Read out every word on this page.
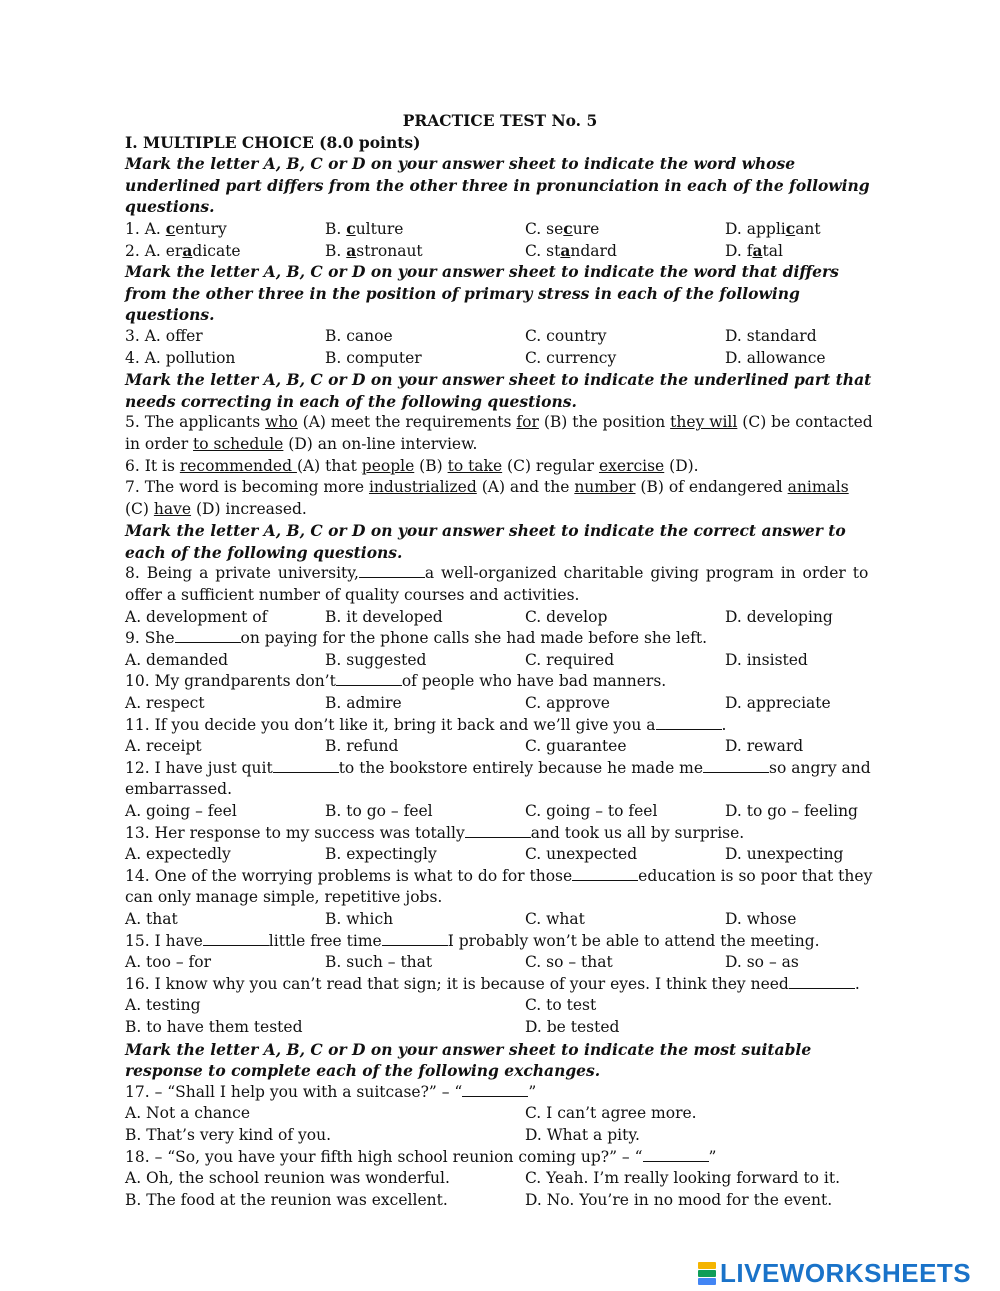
PRACTICE TEST No. 5
I. MULTIPLE CHOICE (8.0 points)
Mark the letter A, B, C or D on your answer sheet to indicate the word whose underlined part differs from the other three in pronunciation in each of the following questions.
1. A. century	B. culture	C. secure	D. applicant
2. A. eradicate	B. astronaut	C. standard	D. fatal
Mark the letter A, B, C or D on your answer sheet to indicate the word that differs from the other three in the position of primary stress in each of the following questions.
3. A. offer	B. canoe	C. country	D. standard
4. A. pollution	B. computer	C. currency	D. allowance
Mark the letter A, B, C or D on your answer sheet to indicate the underlined part that needs correcting in each of the following questions.
5. The applicants who (A) meet the requirements for (B) the position they will (C) be contacted
in order to schedule (D) an on-line interview.
6. It is recommended (A) that people (B) to take (C) regular exercise (D).
7. The word is becoming more industrialized (A) and the number (B) of endangered animals
(C) have (D) increased.
Mark the letter A, B, C or D on your answer sheet to indicate the correct answer to each of the following questions.
8. Being a private university,	a well-organized charitable giving program in order to
offer a sufficient number of quality courses and activities.
A. development of	B. it developed	C. develop	D. developing
9. She	on paying for the phone calls she had made before she left.
A. demanded	B. suggested	C. required	D. insisted
10. My grandparents don’t	of people who have bad manners.
A. respect	B. admire	C. approve	D. appreciate
11. If you decide you don’t like it, bring it back and we’ll give you a	.
A. receipt	B. refund	C. guarantee	D. reward
12. I have just quit	to the bookstore entirely because he made me	so angry and
embarrassed.
A. going – feel	B. to go – feel	C. going – to feel	D. to go – feeling
13. Her response to my success was totally	and took us all by surprise.
A. expectedly	B. expectingly	C. unexpected	D. unexpecting
14. One of the worrying problems is what to do for those	education is so poor that they
can only manage simple, repetitive jobs.
A. that	B. which	C. what	D. whose
15. I have	little free time	I probably won’t be able to attend the meeting.
A. too – for	B. such – that	C. so – that	D. so – as
16. I know why you can’t read that sign; it is because of your eyes. I think they need	.
A. testing	C. to test
B. to have them tested	D. be tested
Mark the letter A, B, C or D on your answer sheet to indicate the most suitable response to complete each of the following exchanges.
17. – “Shall I help you with a suitcase?” – “	”
A. Not a chance	C. I can’t agree more.
B. That’s very kind of you.	D. What a pity.
18. – “So, you have your fifth high school reunion coming up?” – “	”
A. Oh, the school reunion was wonderful.	C. Yeah. I’m really looking forward to it.
B. The food at the reunion was excellent.	D. No. You’re in no mood for the event.
LIVEWORKSHEETS
